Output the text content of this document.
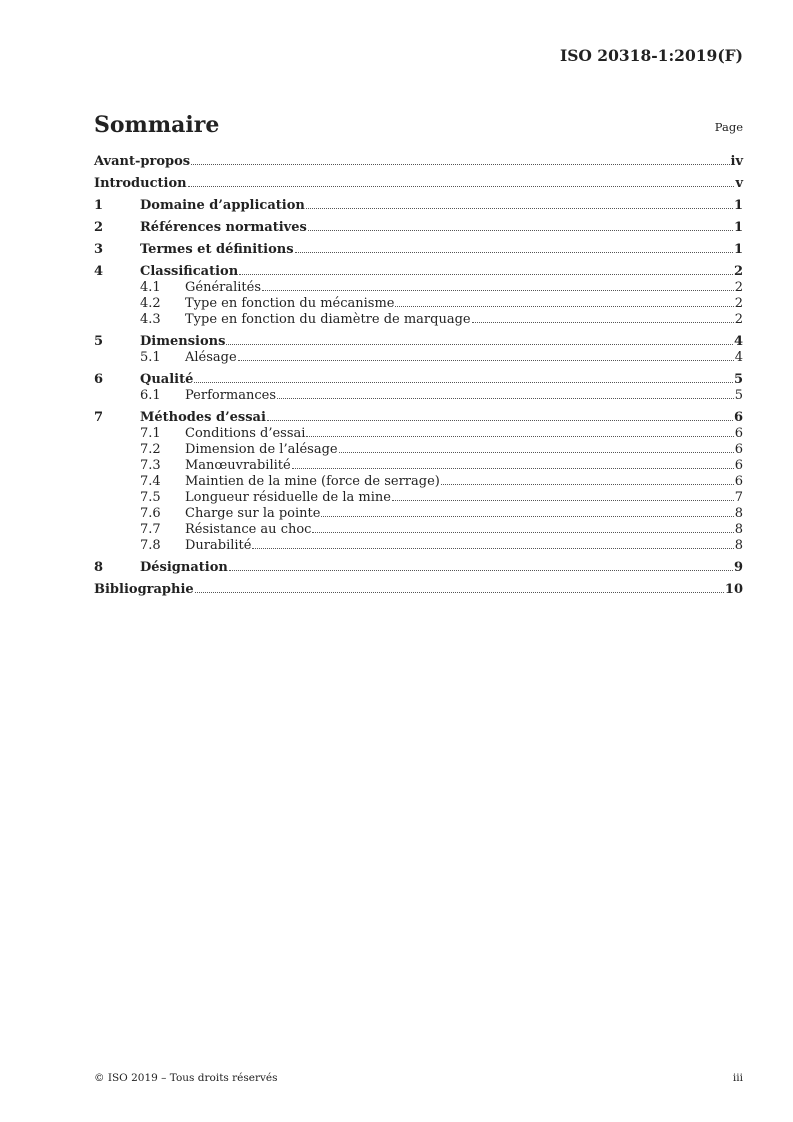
ISO 20318-1:2019(F)
Sommaire	Page
Avant-propos	iv
Introduction	v
1	Domaine d’application	1
2	Références normatives	1
3	Termes et définitions	1
4	Classification	2
4.1	Généralités	2
4.2	Type en fonction du mécanisme	2
4.3	Type en fonction du diamètre de marquage	2
5	Dimensions	4
5.1	Alésage	4
6	Qualité	5
6.1	Performances	5
7	Méthodes d’essai	6
7.1	Conditions d’essai	6
7.2	Dimension de l’alésage	6
7.3	Manœuvrabilité	6
7.4	Maintien de la mine (force de serrage)	6
7.5	Longueur résiduelle de la mine	7
7.6	Charge sur la pointe	8
7.7	Résistance au choc	8
7.8	Durabilité	8
8	Désignation	9
Bibliographie	10
© ISO 2019 – Tous droits réservés	iii
